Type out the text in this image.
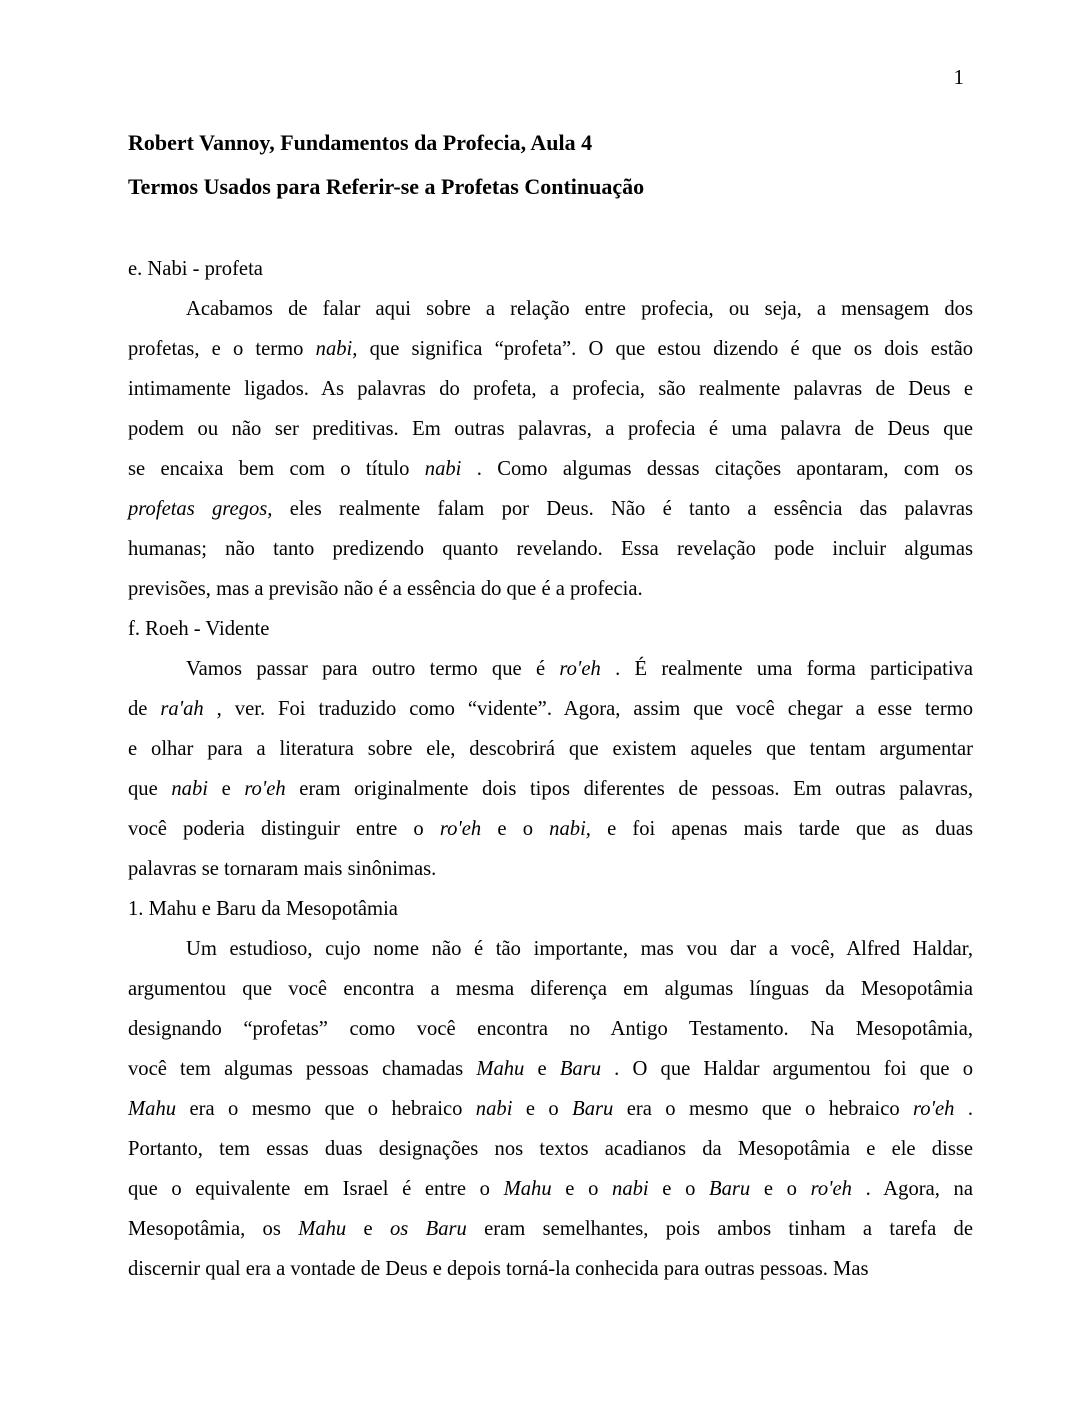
1
Robert Vannoy, Fundamentos da Profecia, Aula 4
Termos Usados para Referir-se a Profetas Continuação
e. Nabi - profeta
Acabamos de falar aqui sobre a relação entre profecia, ou seja, a mensagem dos
profetas, e o termo nabi, que significa “profeta”. O que estou dizendo é que os dois estão
intimamente ligados. As palavras do profeta, a profecia, são realmente palavras de Deus e
podem ou não ser preditivas. Em outras palavras, a profecia é uma palavra de Deus que
se encaixa bem com o título nabi . Como algumas dessas citações apontaram, com os
profetas gregos, eles realmente falam por Deus. Não é tanto a essência das palavras
humanas; não tanto predizendo quanto revelando. Essa revelação pode incluir algumas
previsões, mas a previsão não é a essência do que é a profecia.
f. Roeh - Vidente
Vamos passar para outro termo que é ro'eh . É realmente uma forma participativa
de ra'ah , ver. Foi traduzido como “vidente”. Agora, assim que você chegar a esse termo
e olhar para a literatura sobre ele, descobrirá que existem aqueles que tentam argumentar
que nabi e ro'eh eram originalmente dois tipos diferentes de pessoas. Em outras palavras,
você poderia distinguir entre o ro'eh e o nabi, e foi apenas mais tarde que as duas
palavras se tornaram mais sinônimas.
1. Mahu e Baru da Mesopotâmia
Um estudioso, cujo nome não é tão importante, mas vou dar a você, Alfred Haldar,
argumentou que você encontra a mesma diferença em algumas línguas da Mesopotâmia
designando “profetas” como você encontra no Antigo Testamento. Na Mesopotâmia,
você tem algumas pessoas chamadas Mahu e Baru . O que Haldar argumentou foi que o
Mahu era o mesmo que o hebraico nabi e o Baru era o mesmo que o hebraico ro'eh .
Portanto, tem essas duas designações nos textos acadianos da Mesopotâmia e ele disse
que o equivalente em Israel é entre o Mahu e o nabi e o Baru e o ro'eh . Agora, na
Mesopotâmia, os Mahu e os Baru eram semelhantes, pois ambos tinham a tarefa de
discernir qual era a vontade de Deus e depois torná-la conhecida para outras pessoas. Mas
